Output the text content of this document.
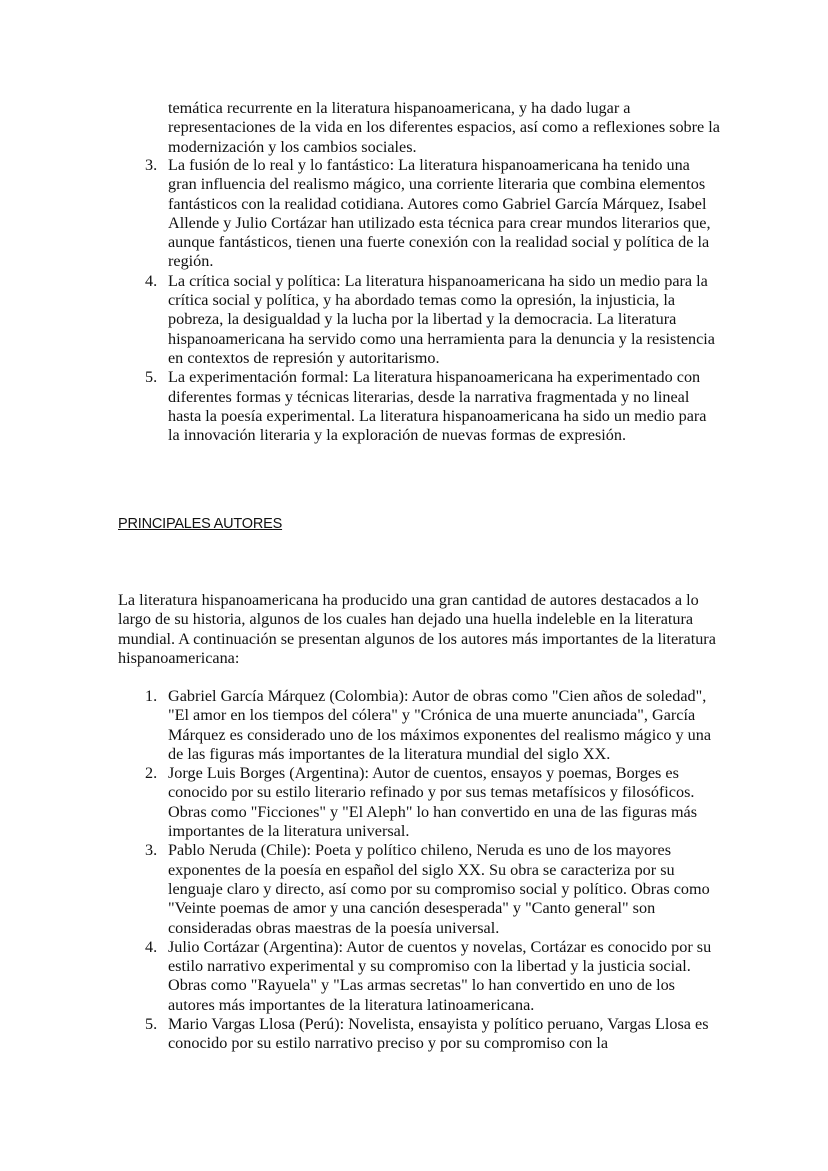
temática recurrente en la literatura hispanoamericana, y ha dado lugar a representaciones de la vida en los diferentes espacios, así como a reflexiones sobre la modernización y los cambios sociales.
3. La fusión de lo real y lo fantástico: La literatura hispanoamericana ha tenido una gran influencia del realismo mágico, una corriente literaria que combina elementos fantásticos con la realidad cotidiana. Autores como Gabriel García Márquez, Isabel Allende y Julio Cortázar han utilizado esta técnica para crear mundos literarios que, aunque fantásticos, tienen una fuerte conexión con la realidad social y política de la región.
4. La crítica social y política: La literatura hispanoamericana ha sido un medio para la crítica social y política, y ha abordado temas como la opresión, la injusticia, la pobreza, la desigualdad y la lucha por la libertad y la democracia. La literatura hispanoamericana ha servido como una herramienta para la denuncia y la resistencia en contextos de represión y autoritarismo.
5. La experimentación formal: La literatura hispanoamericana ha experimentado con diferentes formas y técnicas literarias, desde la narrativa fragmentada y no lineal hasta la poesía experimental. La literatura hispanoamericana ha sido un medio para la innovación literaria y la exploración de nuevas formas de expresión.
PRINCIPALES AUTORES

La literatura hispanoamericana ha producido una gran cantidad de autores destacados a lo largo de su historia, algunos de los cuales han dejado una huella indeleble en la literatura mundial. A continuación se presentan algunos de los autores más importantes de la literatura hispanoamericana:

1. Gabriel García Márquez (Colombia): Autor de obras como "Cien años de soledad", "El amor en los tiempos del cólera" y "Crónica de una muerte anunciada", García Márquez es considerado uno de los máximos exponentes del realismo mágico y una de las figuras más importantes de la literatura mundial del siglo XX.
2. Jorge Luis Borges (Argentina): Autor de cuentos, ensayos y poemas, Borges es conocido por su estilo literario refinado y por sus temas metafísicos y filosóficos. Obras como "Ficciones" y "El Aleph" lo han convertido en una de las figuras más importantes de la literatura universal.
3. Pablo Neruda (Chile): Poeta y político chileno, Neruda es uno de los mayores exponentes de la poesía en español del siglo XX. Su obra se caracteriza por su lenguaje claro y directo, así como por su compromiso social y político. Obras como "Veinte poemas de amor y una canción desesperada" y "Canto general" son consideradas obras maestras de la poesía universal.
4. Julio Cortázar (Argentina): Autor de cuentos y novelas, Cortázar es conocido por su estilo narrativo experimental y su compromiso con la libertad y la justicia social. Obras como "Rayuela" y "Las armas secretas" lo han convertido en uno de los autores más importantes de la literatura latinoamericana.
5. Mario Vargas Llosa (Perú): Novelista, ensayista y político peruano, Vargas Llosa es conocido por su estilo narrativo preciso y por su compromiso con la
